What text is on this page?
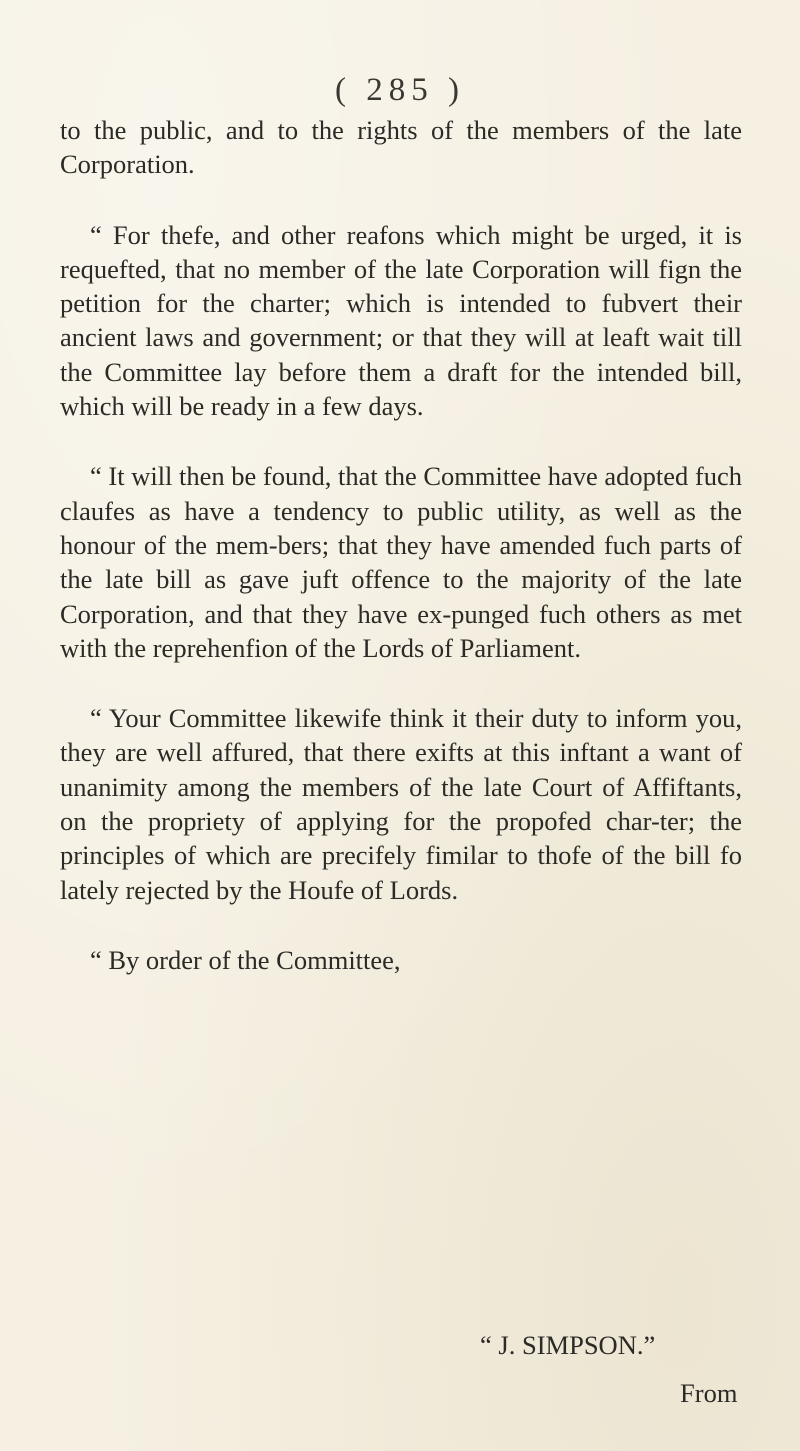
( 285 )

to the public, and to the rights of the members of the late Corporation.

“ For thefe, and other reafons which might be urged, it is requefted, that no member of the late Corporation will fign the petition for the charter; which is intended to fubvert their ancient laws and government; or that they will at leaft wait till the Committee lay before them a draft for the intended bill, which will be ready in a few days.

“ It will then be found, that the Committee have adopted fuch claufes as have a tendency to public utility, as well as the honour of the mem-bers; that they have amended fuch parts of the late bill as gave juft offence to the majority of the late Corporation, and that they have ex-punged fuch others as met with the reprehenfion of the Lords of Parliament.

“ Your Committee likewife think it their duty to inform you, they are well affured, that there exifts at this inftant a want of unanimity among the members of the late Court of Affiftants, on the propriety of applying for the propofed char-ter; the principles of which are precifely fimilar to thofe of the bill fo lately rejected by the Houfe of Lords.

“ By order of the Committee,

“ J. SIMPSON.”
From
